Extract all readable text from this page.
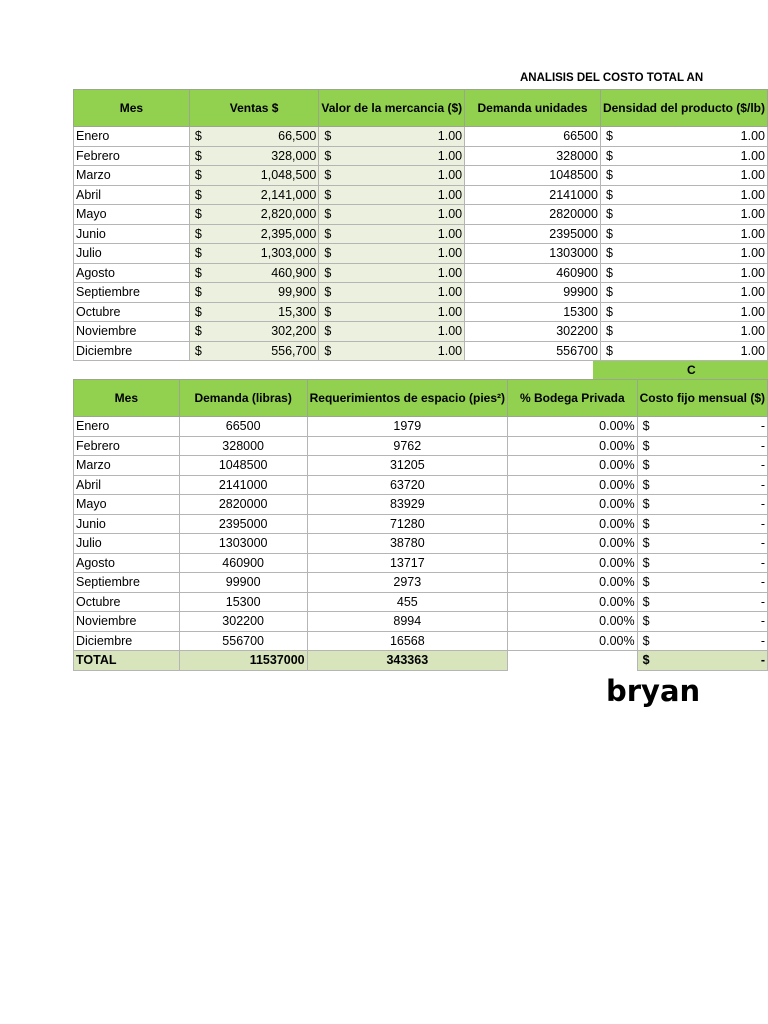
ANÁLISIS DEL COSTO TOTAL AN
Mes	Ventas $	Valor de la mercancia ($)	Demanda unidades	Densidad del producto ($/lb)
Enero	$ 66,500	$ 1.00	66500	$ 1.00
Febrero	$ 328,000	$ 1.00	328000	$ 1.00
Marzo	$ 1,048,500	$ 1.00	1048500	$ 1.00
Abril	$ 2,141,000	$ 1.00	2141000	$ 1.00
Mayo	$ 2,820,000	$ 1.00	2820000	$ 1.00
Junio	$ 2,395,000	$ 1.00	2395000	$ 1.00
Julio	$ 1,303,000	$ 1.00	1303000	$ 1.00
Agosto	$ 460,900	$ 1.00	460900	$ 1.00
Septiembre	$ 99,900	$ 1.00	99900	$ 1.00
Octubre	$ 15,300	$ 1.00	15300	$ 1.00
Noviembre	$ 302,200	$ 1.00	302200	$ 1.00
Diciembre	$ 556,700	$ 1.00	556700	$ 1.00
C
Mes	Demanda (libras)	Requerimientos de espacio (pies²)	% Bodega Privada	Costo fijo mensual ($)
Enero	66500	1979	0.00%	$ -
Febrero	328000	9762	0.00%	$ -
Marzo	1048500	31205	0.00%	$ -
Abril	2141000	63720	0.00%	$ -
Mayo	2820000	83929	0.00%	$ -
Junio	2395000	71280	0.00%	$ -
Julio	1303000	38780	0.00%	$ -
Agosto	460900	13717	0.00%	$ -
Septiembre	99900	2973	0.00%	$ -
Octubre	15300	455	0.00%	$ -
Noviembre	302200	8994	0.00%	$ -
Diciembre	556700	16568	0.00%	$ -
TOTAL	11537000	343363		$ -
bryan
